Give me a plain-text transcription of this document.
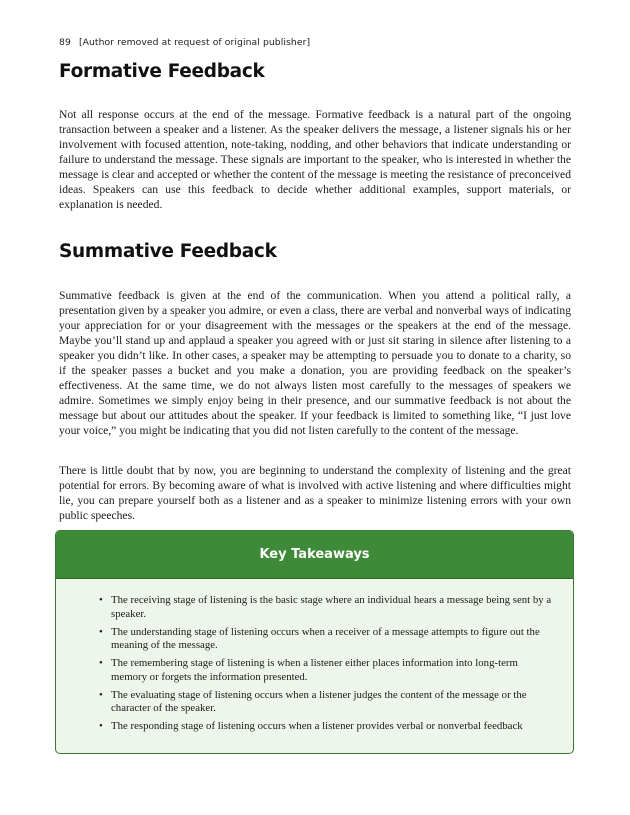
89 [Author removed at request of original publisher]
Formative Feedback

Not all response occurs at the end of the message. Formative feedback is a natural part of the ongoing transaction between a speaker and a listener. As the speaker delivers the message, a listener signals his or her involvement with focused attention, note-taking, nodding, and other behaviors that indicate understanding or failure to understand the message. These signals are important to the speaker, who is interested in whether the message is clear and accepted or whether the content of the message is meeting the resistance of preconceived ideas. Speakers can use this feedback to decide whether additional examples, support materials, or explanation is needed.

Summative Feedback

Summative feedback is given at the end of the communication. When you attend a political rally, a presentation given by a speaker you admire, or even a class, there are verbal and nonverbal ways of indicating your appreciation for or your disagreement with the messages or the speakers at the end of the message. Maybe you’ll stand up and applaud a speaker you agreed with or just sit staring in silence after listening to a speaker you didn’t like. In other cases, a speaker may be attempting to persuade you to donate to a charity, so if the speaker passes a bucket and you make a donation, you are providing feedback on the speaker’s effectiveness. At the same time, we do not always listen most carefully to the messages of speakers we admire. Sometimes we simply enjoy being in their presence, and our summative feedback is not about the message but about our attitudes about the speaker. If your feedback is limited to something like, “I just love your voice,” you might be indicating that you did not listen carefully to the content of the message.

There is little doubt that by now, you are beginning to understand the complexity of listening and the great potential for errors. By becoming aware of what is involved with active listening and where difficulties might lie, you can prepare yourself both as a listener and as a speaker to minimize listening errors with your own public speeches.

Key Takeaways
• The receiving stage of listening is the basic stage where an individual hears a message being sent by a speaker.
• The understanding stage of listening occurs when a receiver of a message attempts to figure out the meaning of the message.
• The remembering stage of listening is when a listener either places information into long-term memory or forgets the information presented.
• The evaluating stage of listening occurs when a listener judges the content of the message or the character of the speaker.
• The responding stage of listening occurs when a listener provides verbal or nonverbal feedback
